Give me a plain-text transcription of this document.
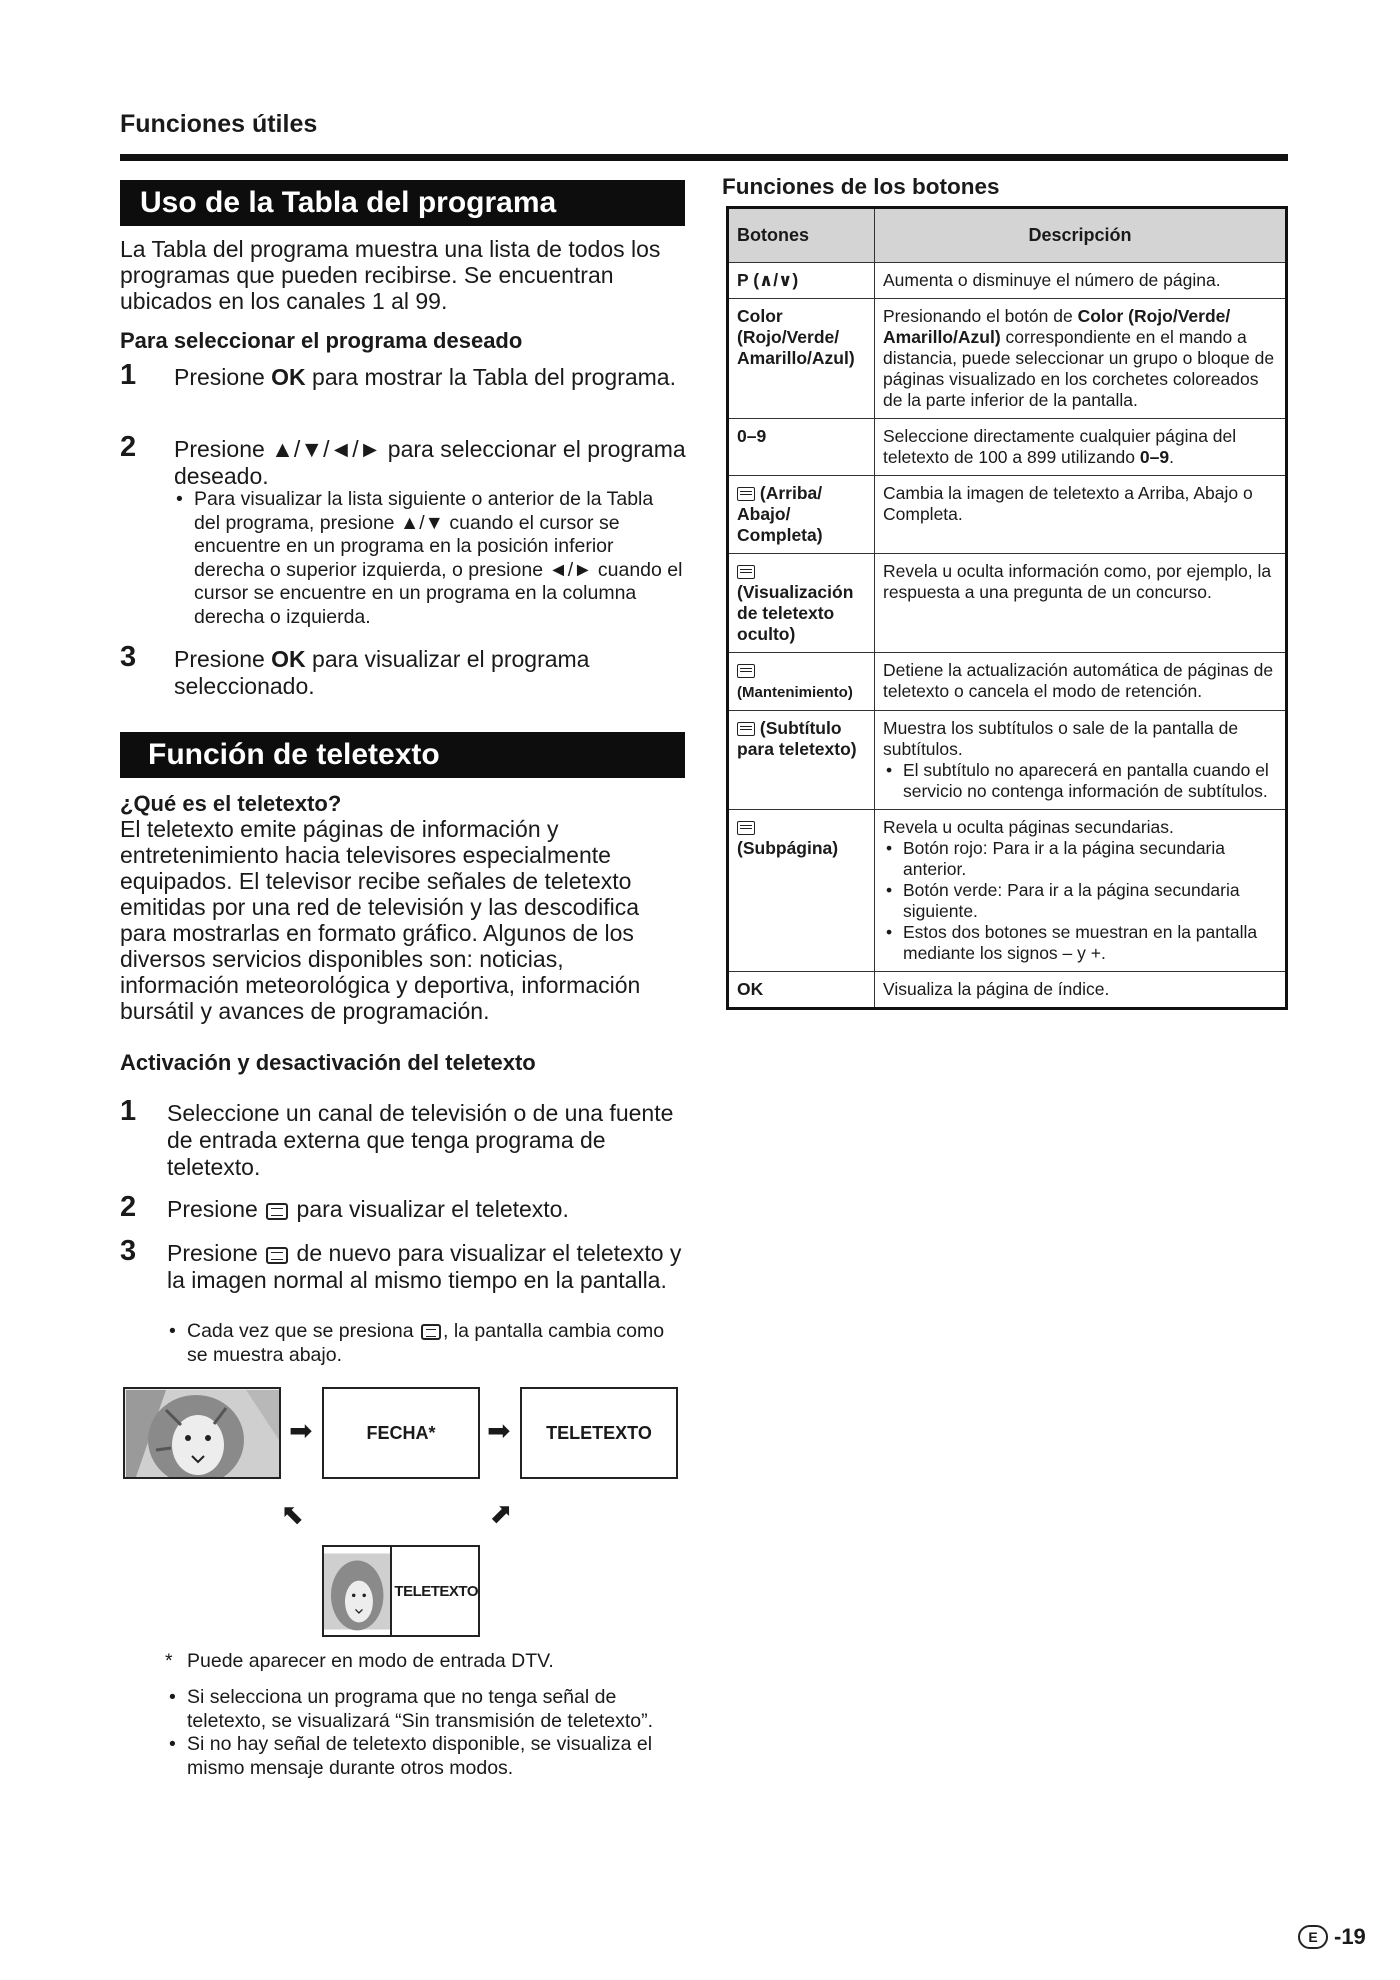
Funciones útiles
Uso de la Tabla del programa
La Tabla del programa muestra una lista de todos los programas que pueden recibirse. Se encuentran ubicados en los canales 1 al 99.
Para seleccionar el programa deseado
1 Presione OK para mostrar la Tabla del programa.
2 Presione ▲/▼/◄/► para seleccionar el programa deseado.
• Para visualizar la lista siguiente o anterior de la Tabla del programa, presione ▲/▼ cuando el cursor se encuentre en un programa en la posición inferior derecha o superior izquierda, o presione ◄/► cuando el cursor se encuentre en un programa en la columna derecha o izquierda.
3 Presione OK para visualizar el programa seleccionado.
Función de teletexto
¿Qué es el teletexto?
El teletexto emite páginas de información y entretenimiento hacia televisores especialmente equipados. El televisor recibe señales de teletexto emitidas por una red de televisión y las descodifica para mostrarlas en formato gráfico. Algunos de los diversos servicios disponibles son: noticias, información meteorológica y deportiva, información bursátil y avances de programación.
Activación y desactivación del teletexto
1 Seleccione un canal de televisión o de una fuente de entrada externa que tenga programa de teletexto.
2 Presione  para visualizar el teletexto.
3 Presione  de nuevo para visualizar el teletexto y la imagen normal al mismo tiempo en la pantalla.
• Cada vez que se presiona , la pantalla cambia como se muestra abajo.
➡	FECHA*	➡	TELETEXTO
⬅	⬅
TELETEXTO
* Puede aparecer en modo de entrada DTV.
• Si selecciona un programa que no tenga señal de teletexto, se visualizará “Sin transmisión de teletexto”.
• Si no hay señal de teletexto disponible, se visualiza el mismo mensaje durante otros modos.
Funciones de los botones
Botones	Descripción
P (∧/∨)	Aumenta o disminuye el número de página.
Color (Rojo/Verde/ Amarillo/Azul)	Presionando el botón de Color (Rojo/Verde/ Amarillo/Azul) correspondiente en el mando a distancia, puede seleccionar un grupo o bloque de páginas visualizado en los corchetes coloreados de la parte inferior de la pantalla.
0–9	Seleccione directamente cualquier página del teletexto de 100 a 899 utilizando 0–9.
(Arriba/ Abajo/ Completa)	Cambia la imagen de teletexto a Arriba, Abajo o Completa.

(Visualización de teletexto oculto)	Revela u oculta información como, por ejemplo, la respuesta a una pregunta de un concurso.

(Mantenimiento)	Detiene la actualización automática de páginas de teletexto o cancela el modo de retención.
(Subtítulo para teletexto)	Muestra los subtítulos o sale de la pantalla de subtítulos.
• El subtítulo no aparecerá en pantalla cuando el servicio no contenga información de subtítulos.

(Subpágina)	Revela u oculta páginas secundarias.
• Botón rojo: Para ir a la página secundaria anterior.
• Botón verde: Para ir a la página secundaria siguiente.
• Estos dos botones se muestran en la pantalla mediante los signos – y +.

OK	Visualiza la página de índice.
E -19
